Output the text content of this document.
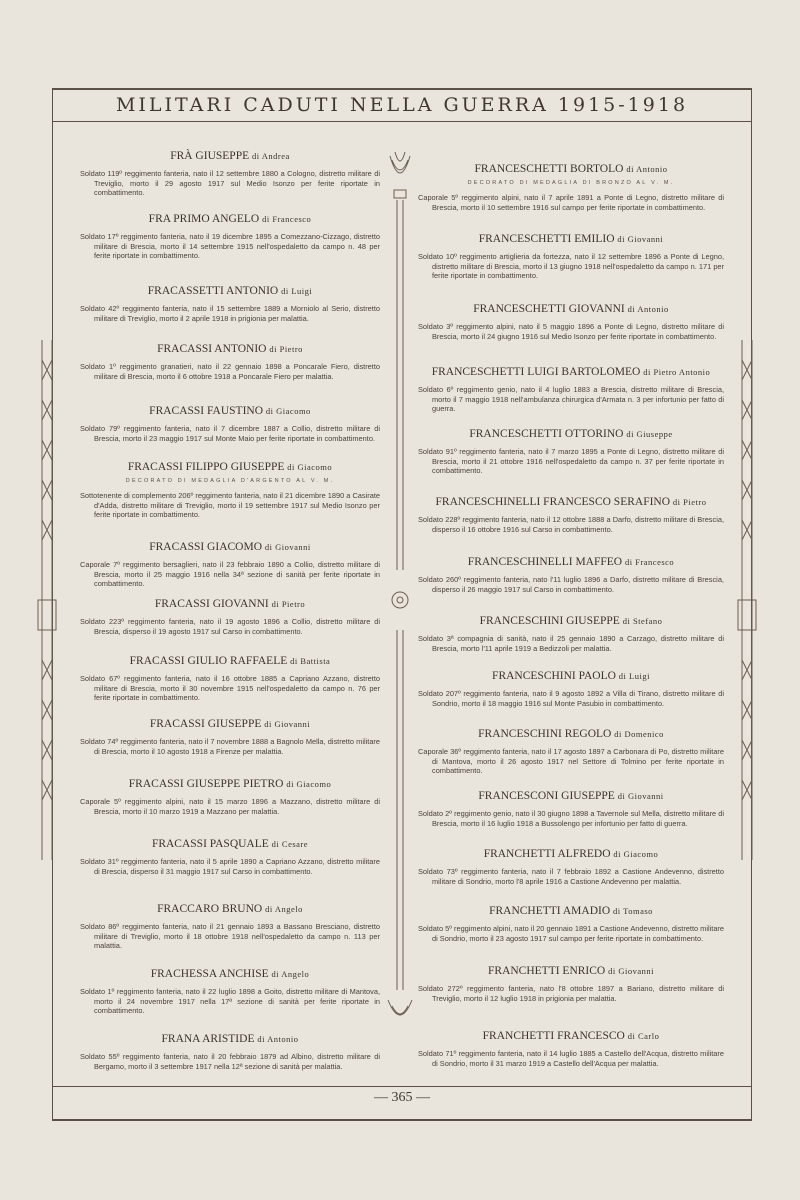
MILITARI CADUTI NELLA GUERRA 1915-1918
FRÀ GIUSEPPE di Andrea
Soldato 119º reggimento fanteria, nato il 12 settembre 1880 a Cologno, distretto militare di Treviglio, morto il 29 agosto 1917 sul Medio Isonzo per ferite riportate in combattimento.
FRA PRIMO ANGELO di Francesco
Soldato 17º reggimento fanteria, nato il 19 dicembre 1895 a Comezzano-Cizzago, distretto militare di Brescia, morto il 14 settembre 1915 nell'ospedaletto da campo n. 48 per ferite riportate in combattimento.
FRACASSETTI ANTONIO di Luigi
Soldato 42º reggimento fanteria, nato il 15 settembre 1889 a Morniolo al Serio, distretto militare di Treviglio, morto il 2 aprile 1918 in prigionia per malattia.
FRACASSI ANTONIO di Pietro
Soldato 1º reggimento granatieri, nato il 22 gennaio 1898 a Poncarale Fiero, distretto militare di Brescia, morto il 6 ottobre 1918 a Poncarale Fiero per malattia.
FRACASSI FAUSTINO di Giacomo
Soldato 79º reggimento fanteria, nato il 7 dicembre 1887 a Collio, distretto militare di Brescia, morto il 23 maggio 1917 sul Monte Maio per ferite riportate in combattimento.
FRACASSI FILIPPO GIUSEPPE di Giacomo
DECORATO DI MEDAGLIA D'ARGENTO AL V. M.
Sottotenente di complemento 206º reggimento fanteria, nato il 21 dicembre 1890 a Casirate d'Adda, distretto militare di Treviglio, morto il 19 settembre 1917 sul Medio Isonzo per ferite riportate in combattimento.
FRACASSI GIACOMO di Giovanni
Caporale 7º reggimento bersaglieri, nato il 23 febbraio 1890 a Collio, distretto militare di Brescia, morto il 25 maggio 1916 nella 34ª sezione di sanità per ferite riportate in combattimento.
FRACASSI GIOVANNI di Pietro
Soldato 223º reggimento fanteria, nato il 19 agosto 1896 a Collio, distretto militare di Brescia, disperso il 19 agosto 1917 sul Carso in combattimento.
FRACASSI GIULIO RAFFAELE di Battista
Soldato 67º reggimento fanteria, nato il 16 ottobre 1885 a Capriano Azzano, distretto militare di Brescia, morto il 30 novembre 1915 nell'ospedaletto da campo n. 76 per ferite riportate in combattimento.
FRACASSI GIUSEPPE di Giovanni
Soldato 74º reggimento fanteria, nato il 7 novembre 1888 a Bagnolo Mella, distretto militare di Brescia, morto il 10 agosto 1918 a Firenze per malattia.
FRACASSI GIUSEPPE PIETRO di Giacomo
Caporale 5º reggimento alpini, nato il 15 marzo 1896 a Mazzano, distretto militare di Brescia, morto il 10 marzo 1919 a Mazzano per malattia.
FRACASSI PASQUALE di Cesare
Soldato 31º reggimento fanteria, nato il 5 aprile 1890 a Capriano Azzano, distretto militare di Brescia, disperso il 31 maggio 1917 sul Carso in combattimento.
FRACCARO BRUNO di Angelo
Soldato 86º reggimento fanteria, nato il 21 gennaio 1893 a Bassano Bresciano, distretto militare di Treviglio, morto il 18 ottobre 1918 nell'ospedaletto da campo n. 113 per malattia.
FRACHESSA ANCHISE di Angelo
Soldato 1º reggimento fanteria, nato il 22 luglio 1898 a Goito, distretto militare di Mantova, morto il 24 novembre 1917 nella 17ª sezione di sanità per ferite riportate in combattimento.
FRANA ARISTIDE di Antonio
Soldato 55º reggimento fanteria, nato il 20 febbraio 1879 ad Albino, distretto militare di Bergamo, morto il 3 settembre 1917 nella 12ª sezione di sanità per malattia.
FRANCESCHETTI BORTOLO di Antonio
DECORATO DI MEDAGLIA DI BRONZO AL V. M.
Caporale 5º reggimento alpini, nato il 7 aprile 1891 a Ponte di Legno, distretto militare di Brescia, morto il 10 settembre 1916 sul campo per ferite riportate in combattimento.
FRANCESCHETTI EMILIO di Giovanni
Soldato 10º reggimento artiglieria da fortezza, nato il 12 settembre 1896 a Ponte di Legno, distretto militare di Brescia, morto il 13 giugno 1918 nell'ospedaletto da campo n. 171 per ferite riportate in combattimento.
FRANCESCHETTI GIOVANNI di Antonio
Soldato 3º reggimento alpini, nato il 5 maggio 1896 a Ponte di Legno, distretto militare di Brescia, morto il 24 giugno 1916 sul Medio Isonzo per ferite riportate in combattimento.
FRANCESCHETTI LUIGI BARTOLOMEO di Pietro Antonio
Soldato 6º reggimento genio, nato il 4 luglio 1883 a Brescia, distretto militare di Brescia, morto il 7 maggio 1918 nell'ambulanza chirurgica d'Armata n. 3 per infortunio per fatto di guerra.
FRANCESCHETTI OTTORINO di Giuseppe
Soldato 91º reggimento fanteria, nato il 7 marzo 1895 a Ponte di Legno, distretto militare di Brescia, morto il 21 ottobre 1916 nell'ospedaletto da campo n. 37 per ferite riportate in combattimento.
FRANCESCHINELLI FRANCESCO SERAFINO di Pietro
Soldato 228º reggimento fanteria, nato il 12 ottobre 1888 a Darfo, distretto militare di Brescia, disperso il 16 ottobre 1916 sul Carso in combattimento.
FRANCESCHINELLI MAFFEO di Francesco
Soldato 260º reggimento fanteria, nato l'11 luglio 1896 a Darfo, distretto militare di Brescia, disperso il 26 maggio 1917 sul Carso in combattimento.
FRANCESCHINI GIUSEPPE di Stefano
Soldato 3ª compagnia di sanità, nato il 25 gennaio 1890 a Carzago, distretto militare di Brescia, morto l'11 aprile 1919 a Bedizzoli per malattia.
FRANCESCHINI PAOLO di Luigi
Soldato 207º reggimento fanteria, nato il 9 agosto 1892 a Villa di Tirano, distretto militare di Sondrio, morto il 18 maggio 1916 sul Monte Pasubio in combattimento.
FRANCESCHINI REGOLO di Domenico
Caporale 36º reggimento fanteria, nato il 17 agosto 1897 a Carbonara di Po, distretto militare di Mantova, morto il 26 agosto 1917 nel Settore di Tolmino per ferite riportate in combattimento.
FRANCESCONI GIUSEPPE di Giovanni
Soldato 2º reggimento genio, nato il 30 giugno 1898 a Tavernole sul Mella, distretto militare di Brescia, morto il 16 luglio 1918 a Bussolengo per infortunio per fatto di guerra.
FRANCHETTI ALFREDO di Giacomo
Soldato 73º reggimento fanteria, nato il 7 febbraio 1892 a Castione Andevenno, distretto militare di Sondrio, morto l'8 aprile 1916 a Castione Andevenno per malattia.
FRANCHETTI AMADIO di Tomaso
Soldato 5º reggimento alpini, nato il 20 gennaio 1891 a Castione Andevenno, distretto militare di Sondrio, morto il 23 agosto 1917 sul campo per ferite riportate in combattimento.
FRANCHETTI ENRICO di Giovanni
Soldato 272º reggimento fanteria, nato l'8 ottobre 1897 a Bariano, distretto militare di Treviglio, morto il 12 luglio 1918 in prigionia per malattia.
FRANCHETTI FRANCESCO di Carlo
Soldato 71º reggimento fanteria, nato il 14 luglio 1885 a Castello dell'Acqua, distretto militare di Sondrio, morto il 31 marzo 1919 a Castello dell'Acqua per malattia.
— 365 —
